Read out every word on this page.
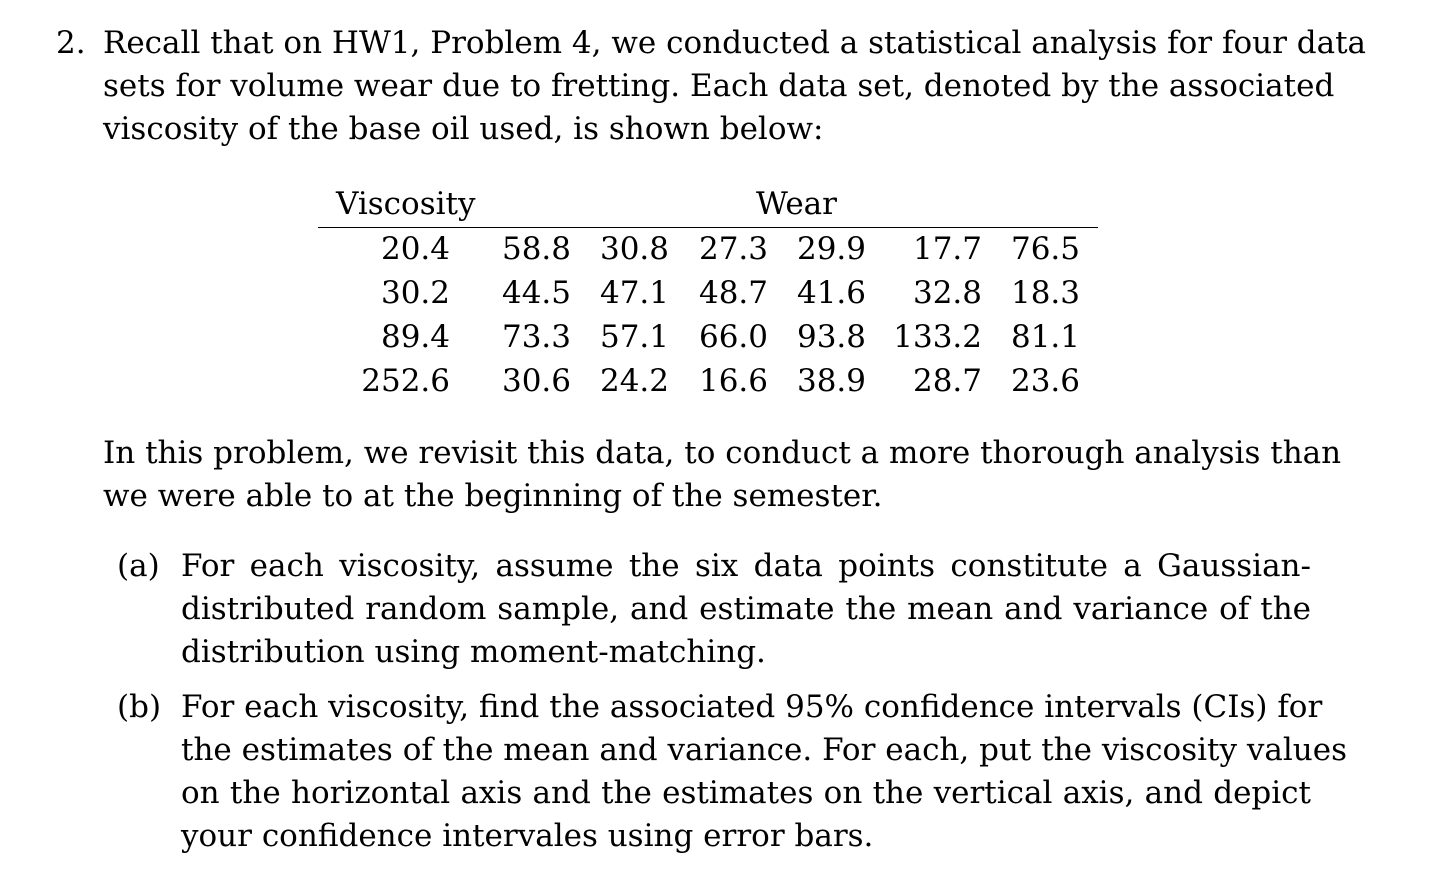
2. Recall that on HW1, Problem 4, we conducted a statistical analysis for four data
sets for volume wear due to fretting. Each data set, denoted by the associated
viscosity of the base oil used, is shown below:
Viscosity	Wear
20.4 58.8 30.8 27.3 29.9 17.7 76.5
30.2 44.5 47.1 48.7 41.6 32.8 18.3
89.4 73.3 57.1 66.0 93.8 133.2 81.1
252.6 30.6 24.2 16.6 38.9 28.7 23.6
In this problem, we revisit this data, to conduct a more thorough analysis than
we were able to at the beginning of the semester.
(a) For each viscosity, assume the six data points constitute a Gaussian-
distributed random sample, and estimate the mean and variance of the
distribution using moment-matching.
(b) For each viscosity, find the associated 95% confidence intervals (CIs) for
the estimates of the mean and variance. For each, put the viscosity values
on the horizontal axis and the estimates on the vertical axis, and depict
your confidence intervales using error bars.
